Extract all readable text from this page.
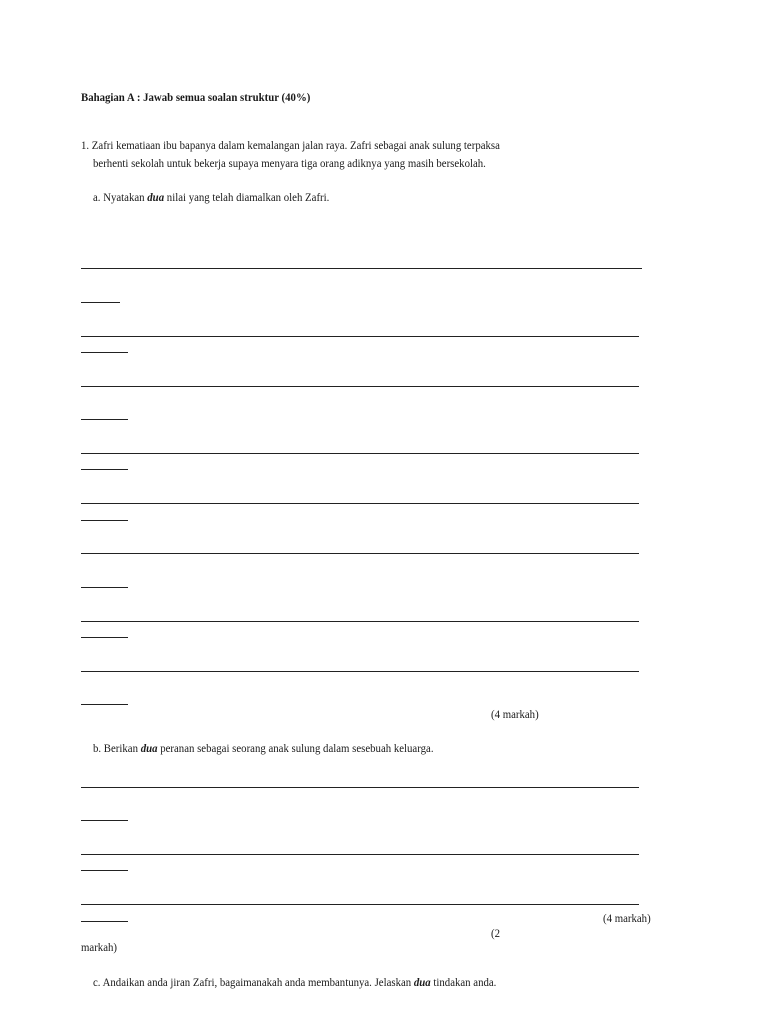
Bahagian A : Jawab semua soalan struktur (40%)
1. Zafri kematiaan ibu bapanya dalam kemalangan jalan raya. Zafri sebagai anak sulung terpaksa
berhenti sekolah untuk bekerja supaya menyara tiga orang adiknya yang masih bersekolah.
a. Nyatakan dua nilai yang telah diamalkan oleh Zafri.
(4 markah)
b. Berikan dua peranan sebagai seorang anak sulung dalam sesebuah keluarga.
(4 markah)
(2
markah)
c. Andaikan anda jiran Zafri, bagaimanakah anda membantunya. Jelaskan dua tindakan anda.
